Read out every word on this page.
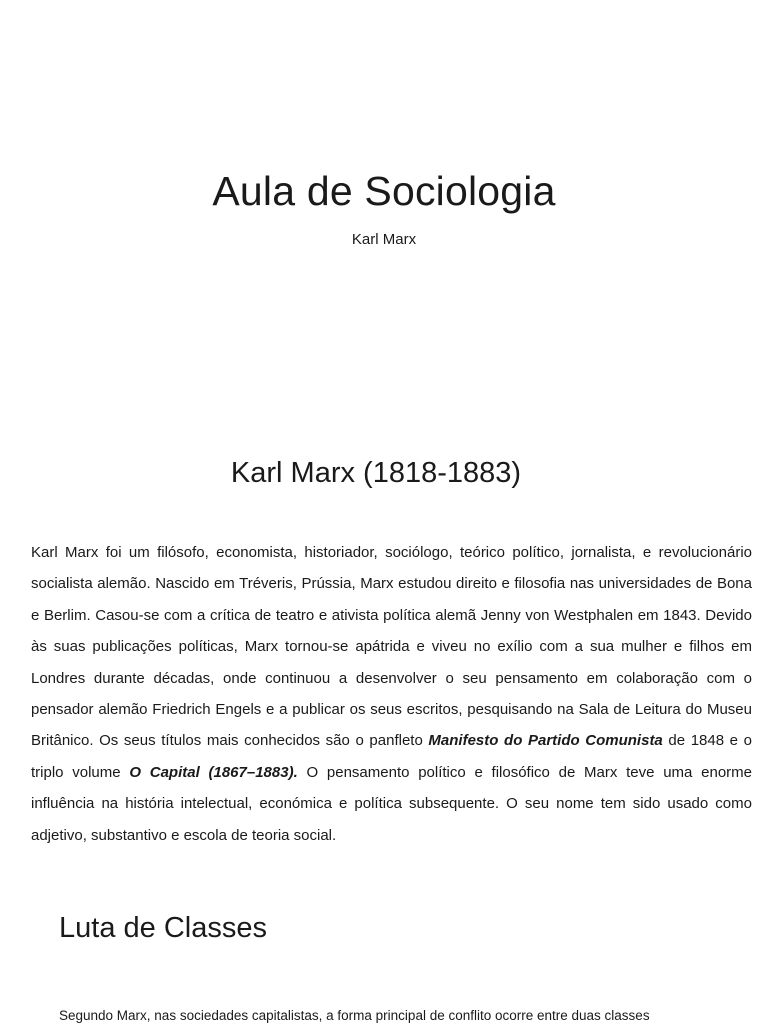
Aula de Sociologia
Karl Marx
Karl Marx (1818-1883)

Karl Marx foi um filósofo, economista, historiador, sociólogo, teórico político, jornalista, e revolucionário socialista alemão. Nascido em Tréveris, Prússia, Marx estudou direito e filosofia nas universidades de Bona e Berlim. Casou-se com a crítica de teatro e ativista política alemã Jenny von Westphalen em 1843. Devido às suas publicações políticas, Marx tornou-se apátrida e viveu no exílio com a sua mulher e filhos em Londres durante décadas, onde continuou a desenvolver o seu pensamento em colaboração com o pensador alemão Friedrich Engels e a publicar os seus escritos, pesquisando na Sala de Leitura do Museu Britânico. Os seus títulos mais conhecidos são o panfleto Manifesto do Partido Comunista de 1848 e o triplo volume O Capital (1867–1883). O pensamento político e filosófico de Marx teve uma enorme influência na história intelectual, económica e política subsequente. O seu nome tem sido usado como adjetivo, substantivo e escola de teoria social.

Luta de Classes

Segundo Marx, nas sociedades capitalistas, a forma principal de conflito ocorre entre duas classes
